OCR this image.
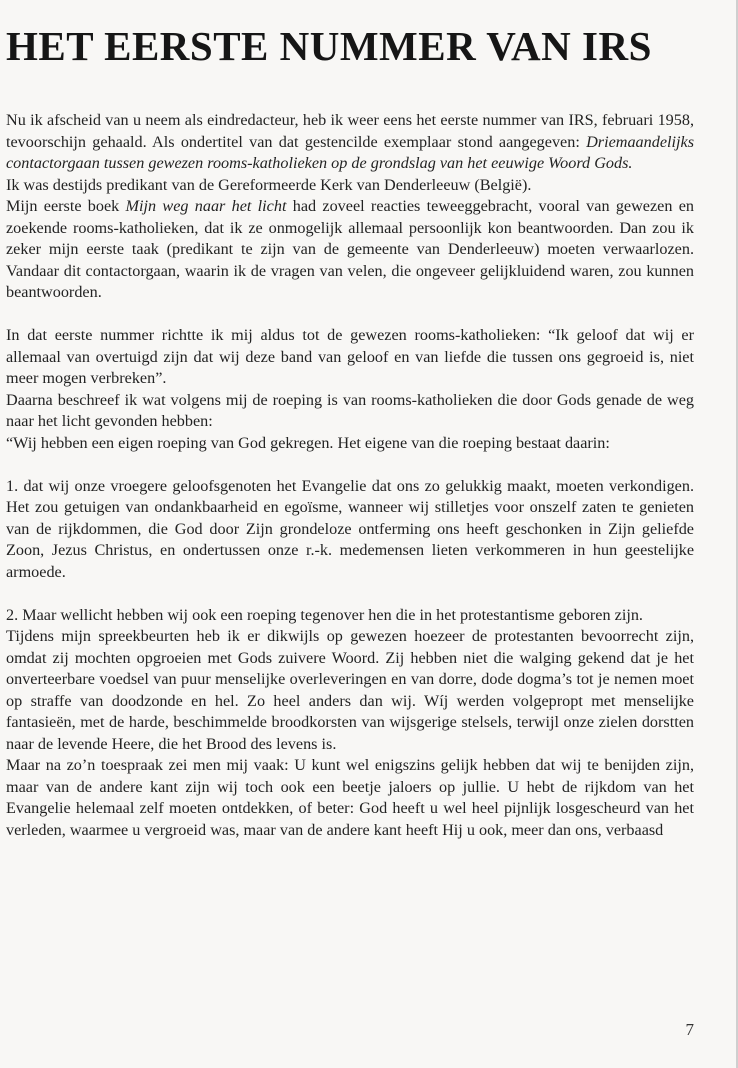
HET EERSTE NUMMER VAN IRS

Nu ik afscheid van u neem als eindredacteur, heb ik weer eens het eerste nummer van IRS, februari 1958, tevoorschijn gehaald. Als ondertitel van dat gestencilde exemplaar stond aangegeven: Driemaandelijks contactorgaan tussen gewezen rooms-katholieken op de grondslag van het eeuwige Woord Gods.

Ik was destijds predikant van de Gereformeerde Kerk van Denderleeuw (België).

Mijn eerste boek Mijn weg naar het licht had zoveel reacties teweeggebracht, vooral van gewezen en zoekende rooms-katholieken, dat ik ze onmogelijk allemaal persoonlijk kon beantwoorden. Dan zou ik zeker mijn eerste taak (predikant te zijn van de gemeente van Denderleeuw) moeten verwaarlozen. Vandaar dit contactorgaan, waarin ik de vragen van velen, die ongeveer gelijkluidend waren, zou kunnen beantwoorden.

In dat eerste nummer richtte ik mij aldus tot de gewezen rooms-katholieken: “Ik geloof dat wij er allemaal van overtuigd zijn dat wij deze band van geloof en van liefde die tussen ons gegroeid is, niet meer mogen verbreken”.

Daarna beschreef ik wat volgens mij de roeping is van rooms-katholieken die door Gods genade de weg naar het licht gevonden hebben:

“Wij hebben een eigen roeping van God gekregen. Het eigene van die roeping bestaat daarin:

1. dat wij onze vroegere geloofsgenoten het Evangelie dat ons zo gelukkig maakt, moeten verkondigen. Het zou getuigen van ondankbaarheid en egoïsme, wanneer wij stilletjes voor onszelf zaten te genieten van de rijkdommen, die God door Zijn grondeloze ontferming ons heeft geschonken in Zijn geliefde Zoon, Jezus Christus, en ondertussen onze r.-k. medemensen lieten verkommeren in hun geestelijke armoede.

2. Maar wellicht hebben wij ook een roeping tegenover hen die in het protestantisme geboren zijn.

Tijdens mijn spreekbeurten heb ik er dikwijls op gewezen hoezeer de protestanten bevoorrecht zijn, omdat zij mochten opgroeien met Gods zuivere Woord. Zij hebben niet die walging gekend dat je het onverteerbare voedsel van puur menselijke overleveringen en van dorre, dode dogma’s tot je nemen moet op straffe van doodzonde en hel. Zo heel anders dan wij. Wíj werden volgepropt met menselijke fantasieën, met de harde, beschimmelde broodkorsten van wijsgerige stelsels, terwijl onze zielen dorstten naar de levende Heere, die het Brood des levens is.

Maar na zo’n toespraak zei men mij vaak: U kunt wel enigszins gelijk hebben dat wij te benijden zijn, maar van de andere kant zijn wij toch ook een beetje jaloers op jullie. U hebt de rijkdom van het Evangelie helemaal zelf moeten ontdekken, of beter: God heeft u wel heel pijnlijk losgescheurd van het verleden, waarmee u vergroeid was, maar van de andere kant heeft Hij u ook, meer dan ons, verbaasd

7
